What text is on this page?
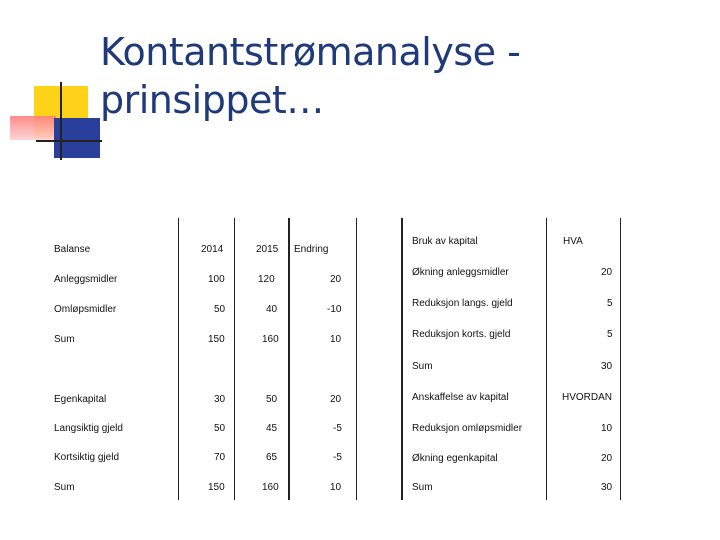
Kontantstrømanalyse -
prinsippet…
Balanse	2014	2015 Endring
Anleggsmidler	100	120	20
Omløpsmidler	50	40	-10
Sum	150	160	10
Egenkapital	30	50	20
Langsiktig gjeld	50	45	-5
Kortsiktig gjeld	70	65	-5
Sum	150	160	10
Bruk av kapital	HVA
Økning anleggsmidler	20
Reduksjon langs. gjeld	5
Reduksjon korts. gjeld	5
Sum	30
Anskaffelse av kapital	HVORDAN
Reduksjon omløpsmidler	10
Økning egenkapital	20
Sum	30
